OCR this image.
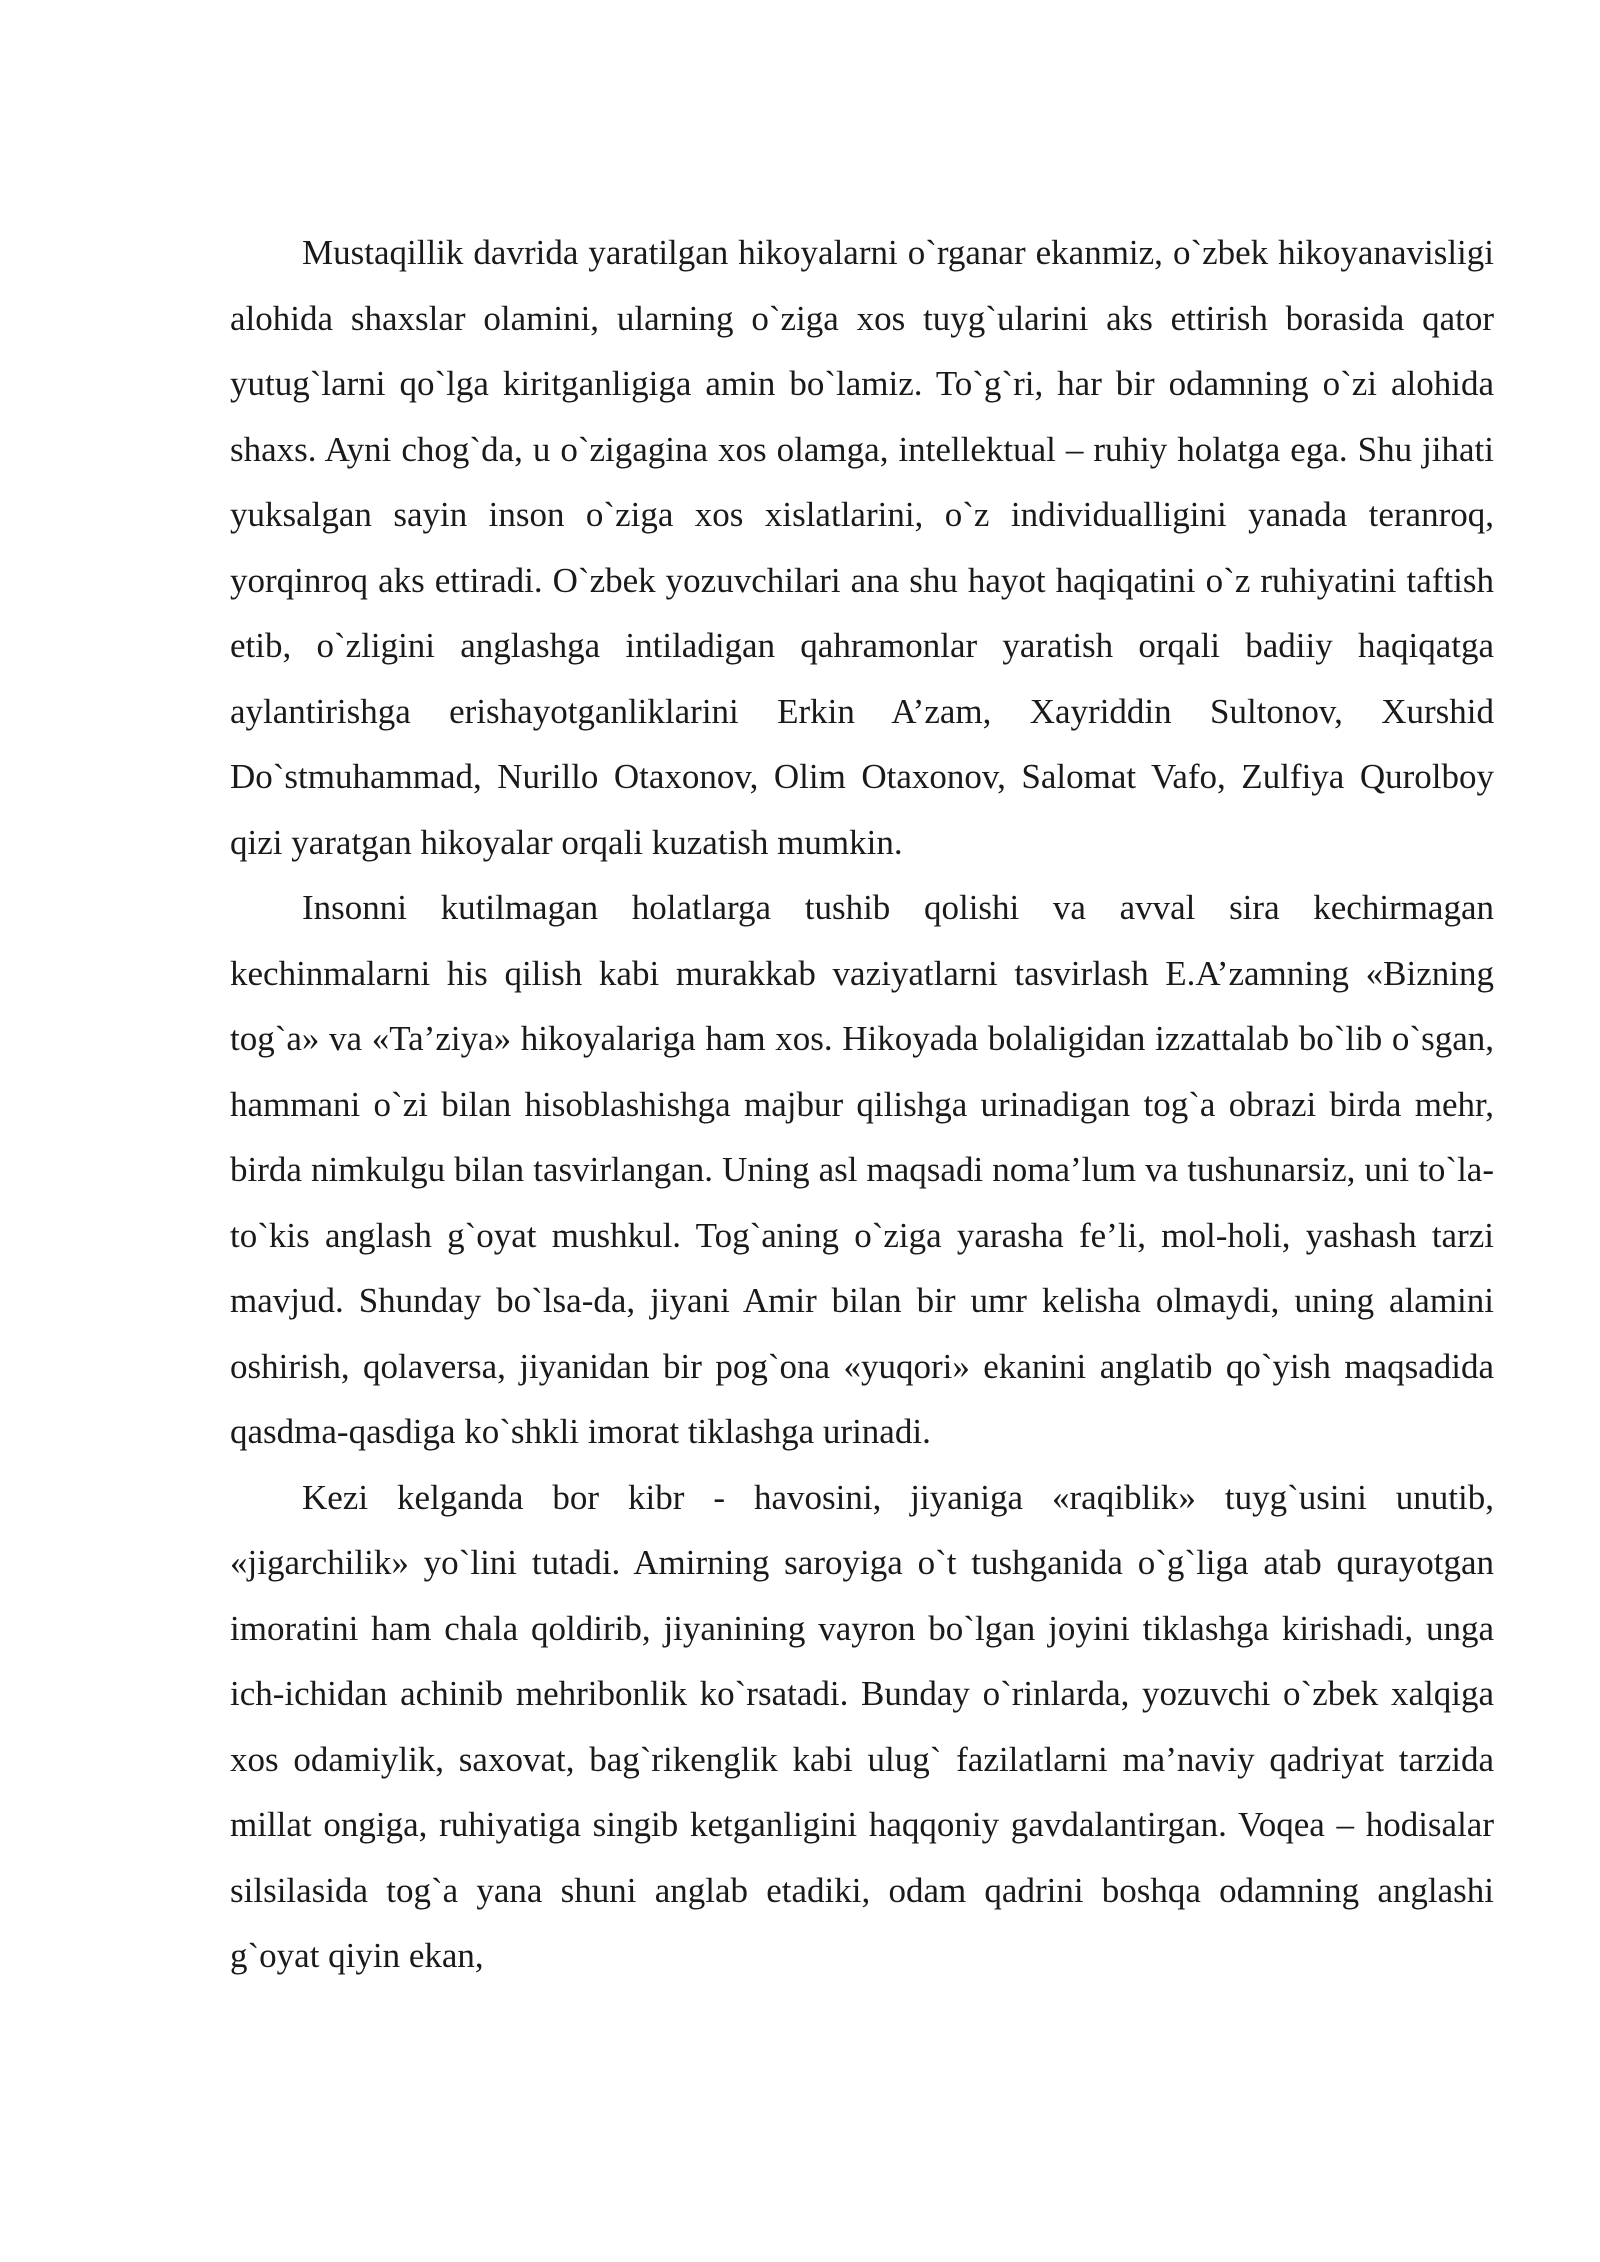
Mustaqillik davrida yaratilgan hikoyalarni o`rganar ekanmiz, o`zbek hikoyanavisligi alohida shaxslar olamini, ularning o`ziga xos tuyg`ularini aks ettirish borasida qator yutug`larni qo`lga kiritganligiga amin bo`lamiz. To`g`ri, har bir odamning o`zi alohida shaxs. Ayni chog`da, u o`zigagina xos olamga, intellektual – ruhiy holatga ega. Shu jihati yuksalgan sayin inson o`ziga xos xislatlarini, o`z individualligini yanada teranroq, yorqinroq aks ettiradi. O`zbek yozuvchilari ana shu hayot haqiqatini o`z ruhiyatini taftish etib, o`zligini anglashga intiladigan qahramonlar yaratish orqali badiiy haqiqatga aylantirishga erishayotganliklarini Erkin A’zam, Xayriddin Sultonov, Xurshid Do`stmuhammad, Nurillo Otaxonov, Olim Otaxonov, Salomat Vafo, Zulfiya Qurolboy qizi yaratgan hikoyalar orqali kuzatish mumkin.

Insonni kutilmagan holatlarga tushib qolishi va avval sira kechirmagan kechinmalarni his qilish kabi murakkab vaziyatlarni tasvirlash E.A’zamning «Bizning tog`a» va «Ta’ziya» hikoyalariga ham xos. Hikoyada bolaligidan izzattalab bo`lib o`sgan, hammani o`zi bilan hisoblashishga majbur qilishga urinadigan tog`a obrazi birda mehr, birda nimkulgu bilan tasvirlangan. Uning asl maqsadi noma’lum va tushunarsiz, uni to`la-to`kis anglash g`oyat mushkul. Tog`aning o`ziga yarasha fe’li, mol-holi, yashash tarzi mavjud. Shunday bo`lsa-da, jiyani Amir bilan bir umr kelisha olmaydi, uning alamini oshirish, qolaversa, jiyanidan bir pog`ona «yuqori» ekanini anglatib qo`yish maqsadida qasdma-qasdiga ko`shkli imorat tiklashga urinadi.

Kezi kelganda bor kibr - havosini, jiyaniga «raqiblik» tuyg`usini unutib, «jigarchilik» yo`lini tutadi. Amirning saroyiga o`t tushganida o`g`liga atab qurayotgan imoratini ham chala qoldirib, jiyanining vayron bo`lgan joyini tiklashga kirishadi, unga ich-ichidan achinib mehribonlik ko`rsatadi. Bunday o`rinlarda, yozuvchi o`zbek xalqiga xos odamiylik, saxovat, bag`rikenglik kabi ulug` fazilatlarni ma’naviy qadriyat tarzida millat ongiga, ruhiyatiga singib ketganligini haqqoniy gavdalantirgan. Voqea – hodisalar silsilasida tog`a yana shuni anglab etadiki, odam qadrini boshqa odamning anglashi g`oyat qiyin ekan,
